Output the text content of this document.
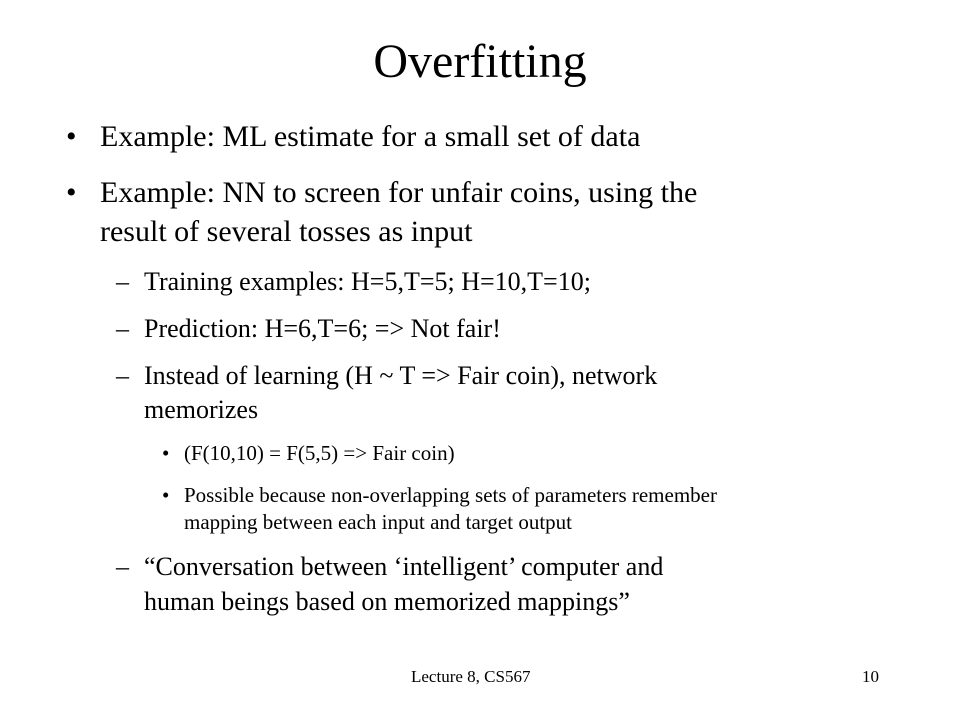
Overfitting
• Example: ML estimate for a small set of data
• Example: NN to screen for unfair coins, using the
result of several tosses as input
– Training examples: H=5,T=5; H=10,T=10;
– Prediction: H=6,T=6; => Not fair!
– Instead of learning (H ~ T => Fair coin), network
memorizes
• (F(10,10) = F(5,5) => Fair coin)
• Possible because non-overlapping sets of parameters remember
mapping between each input and target output
– “Conversation between ‘intelligent’ computer and
human beings based on memorized mappings”
Lecture 8, CS567	10
